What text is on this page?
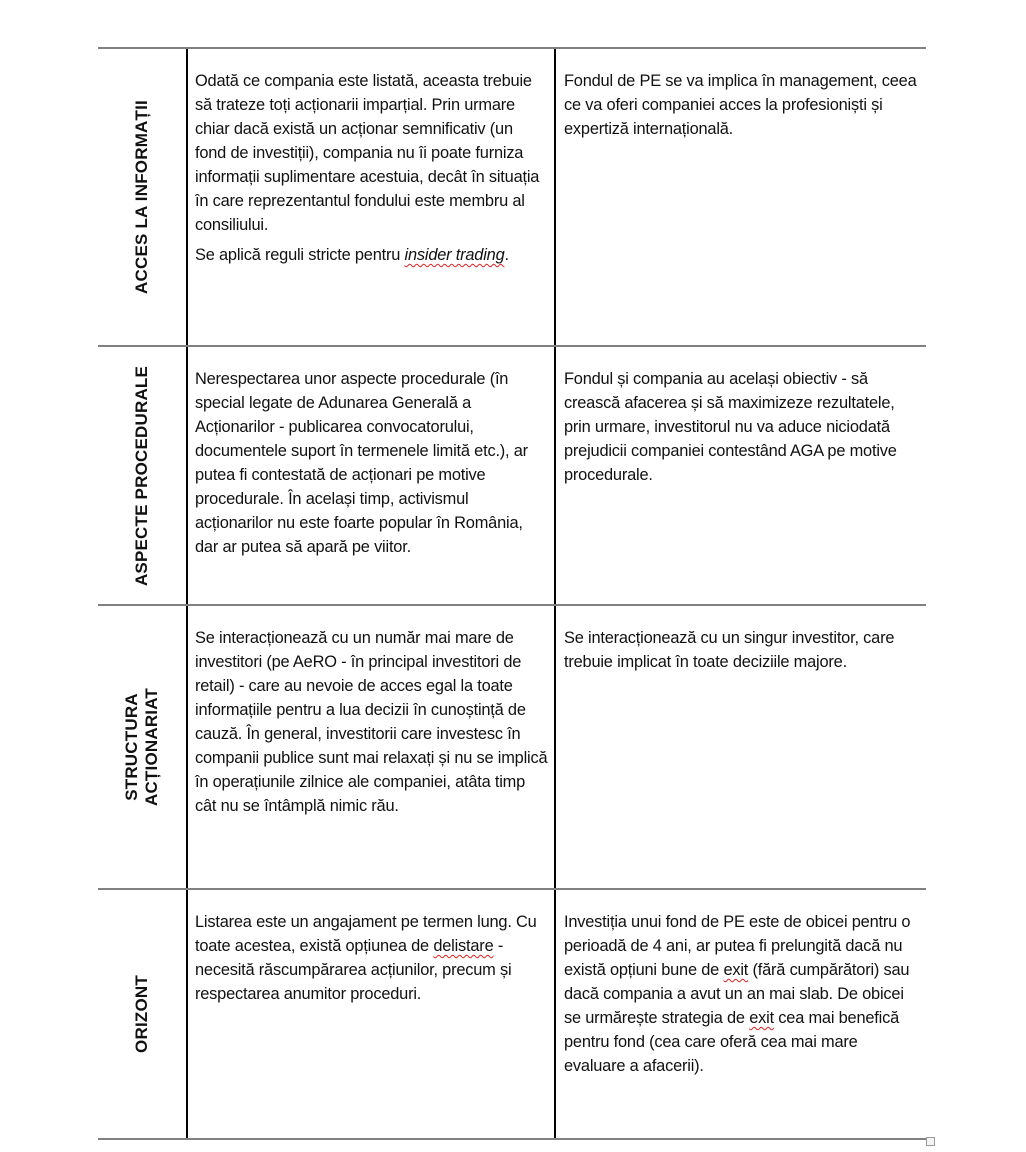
ACCES LA INFORMAȚII

Odată ce compania este listată, aceasta trebuie să trateze toți acționarii imparțial. Prin urmare chiar dacă există un acționar semnificativ (un fond de investiții), compania nu îi poate furniza informații suplimentare acestuia, decât în situația în care reprezentantul fondului este membru al consiliului.

Se aplică reguli stricte pentru insider trading.

Fondul de PE se va implica în management, ceea ce va oferi companiei acces la profesioniști și expertiză internațională.

ASPECTE PROCEDURALE	Nerespectarea unor aspecte procedurale (în special legate de Adunarea Generală a Acționarilor - publicarea convocatorului, documentele suport în termenele limită etc.), ar putea fi contestată de acționari pe motive procedurale. În același timp, activismul acționarilor nu este foarte popular în România, dar ar putea să apară pe viitor.

Fondul și compania au același obiectiv - să crească afacerea și să maximizeze rezultatele, prin urmare, investitorul nu va aduce niciodată prejudicii companiei contestând AGA pe motive procedurale.

STRUCTURA ACȚIONARIAT

Se interacționează cu un număr mai mare de investitori (pe AeRO - în principal investitori de retail) - care au nevoie de acces egal la toate informațiile pentru a lua decizii în cunoștință de cauză. În general, investitorii care investesc în companii publice sunt mai relaxați și nu se implică în operațiunile zilnice ale companiei, atâta timp cât nu se întâmplă nimic rău.

Se interacționează cu un singur investitor, care trebuie implicat în toate deciziile majore.

ORIZONT

Listarea este un angajament pe termen lung. Cu toate acestea, există opțiunea de delistare - necesită răscumpărarea acțiunilor, precum și respectarea anumitor proceduri.

Investiția unui fond de PE este de obicei pentru o perioadă de 4 ani, ar putea fi prelungită dacă nu există opțiuni bune de exit (fără cumpărători) sau dacă compania a avut un an mai slab. De obicei se urmărește strategia de exit cea mai benefică pentru fond (cea care oferă cea mai mare evaluare a afacerii).
